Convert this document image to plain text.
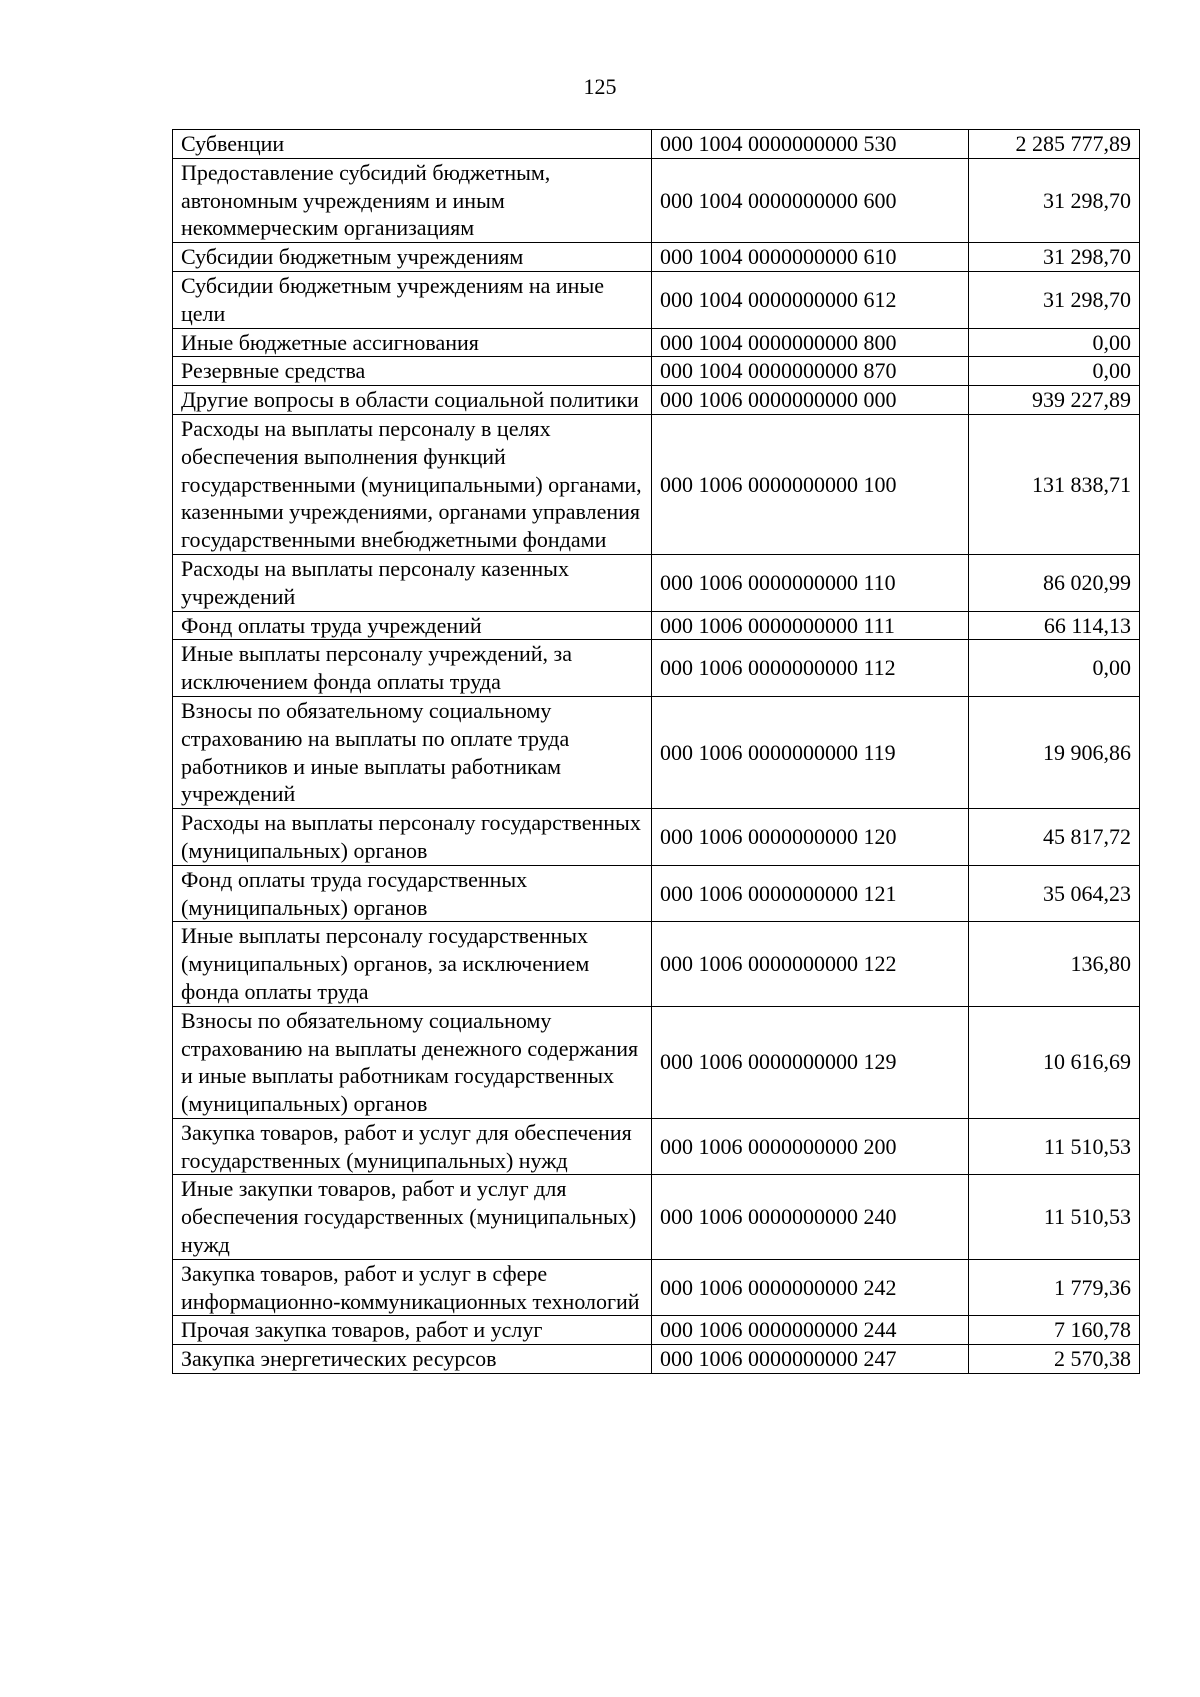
125
Субвенции	000 1004 0000000000 530	2 285 777,89
Предоставление субсидий бюджетным, автономным учреждениям и иным некоммерческим организациям	000 1004 0000000000 600	31 298,70
Субсидии бюджетным учреждениям	000 1004 0000000000 610	31 298,70
Субсидии бюджетным учреждениям на иные цели	000 1004 0000000000 612	31 298,70
Иные бюджетные ассигнования	000 1004 0000000000 800	0,00
Резервные средства	000 1004 0000000000 870	0,00
Другие вопросы в области социальной политики	000 1006 0000000000 000	939 227,89
Расходы на выплаты персоналу в целях обеспечения выполнения функций государственными (муниципальными) органами, казенными учреждениями, органами управления государственными внебюджетными фондами	000 1006 0000000000 100	131 838,71
Расходы на выплаты персоналу казенных учреждений	000 1006 0000000000 110	86 020,99
Фонд оплаты труда учреждений	000 1006 0000000000 111	66 114,13
Иные выплаты персоналу учреждений, за исключением фонда оплаты труда	000 1006 0000000000 112	0,00
Взносы по обязательному социальному страхованию на выплаты по оплате труда работников и иные выплаты работникам учреждений	000 1006 0000000000 119	19 906,86
Расходы на выплаты персоналу государственных (муниципальных) органов	000 1006 0000000000 120	45 817,72
Фонд оплаты труда государственных (муниципальных) органов	000 1006 0000000000 121	35 064,23
Иные выплаты персоналу государственных (муниципальных) органов, за исключением фонда оплаты труда	000 1006 0000000000 122	136,80
Взносы по обязательному социальному страхованию на выплаты денежного содержания и иные выплаты работникам государственных (муниципальных) органов	000 1006 0000000000 129	10 616,69
Закупка товаров, работ и услуг для обеспечения государственных (муниципальных) нужд	000 1006 0000000000 200	11 510,53
Иные закупки товаров, работ и услуг для обеспечения государственных (муниципальных) нужд	000 1006 0000000000 240	11 510,53
Закупка товаров, работ и услуг в сфере информационно-коммуникационных технологий	000 1006 0000000000 242	1 779,36
Прочая закупка товаров, работ и услуг	000 1006 0000000000 244	7 160,78
Закупка энергетических ресурсов	000 1006 0000000000 247	2 570,38
